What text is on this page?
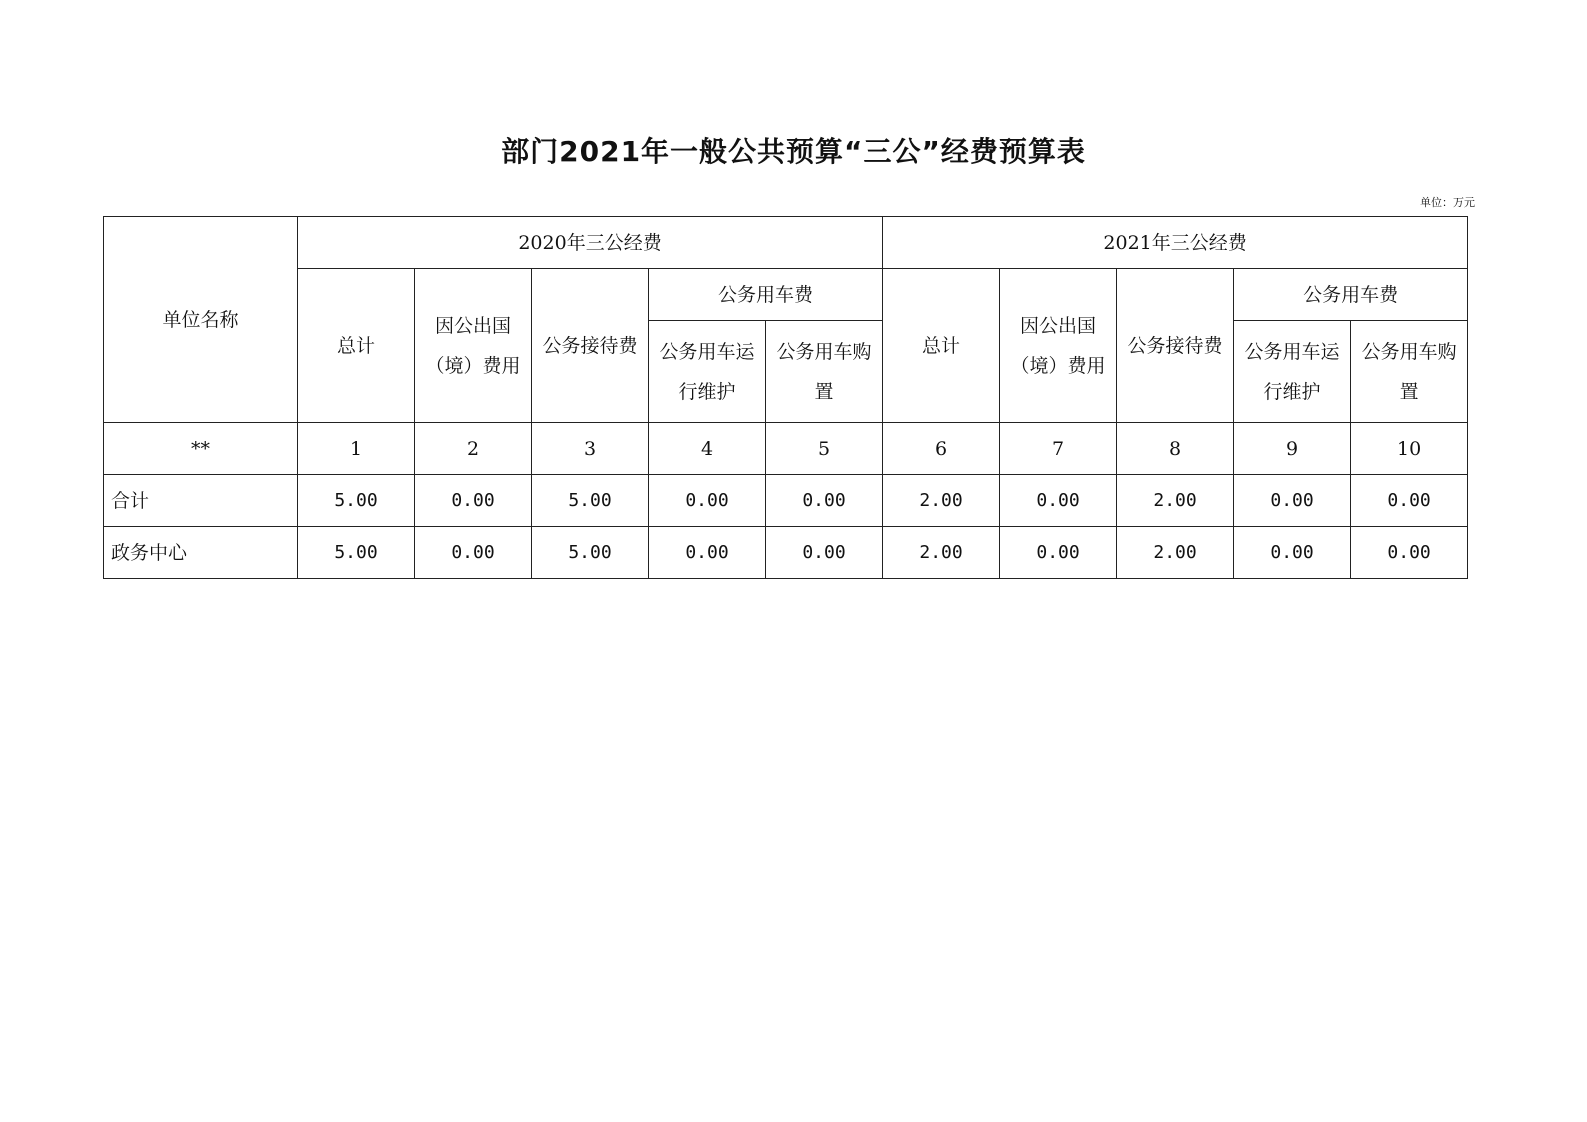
部门2021年一般公共预算“三公”经费预算表
单位：万元
单位名称	2020年三公经费					2021年三公经费				
	总计	因公出国（境）费用	公务接待费	公务用车费		总计	因公出国（境）费用	公务接待费	公务用车费	
				公务用车运行维护	公务用车购置				公务用车运行维护	公务用车购置
**	1	2	3	4	5	6	7	8	9	10
合计	5.00	0.00	5.00	0.00	0.00	2.00	0.00	2.00	0.00	0.00
政务中心	5.00	0.00	5.00	0.00	0.00	2.00	0.00	2.00	0.00	0.00
